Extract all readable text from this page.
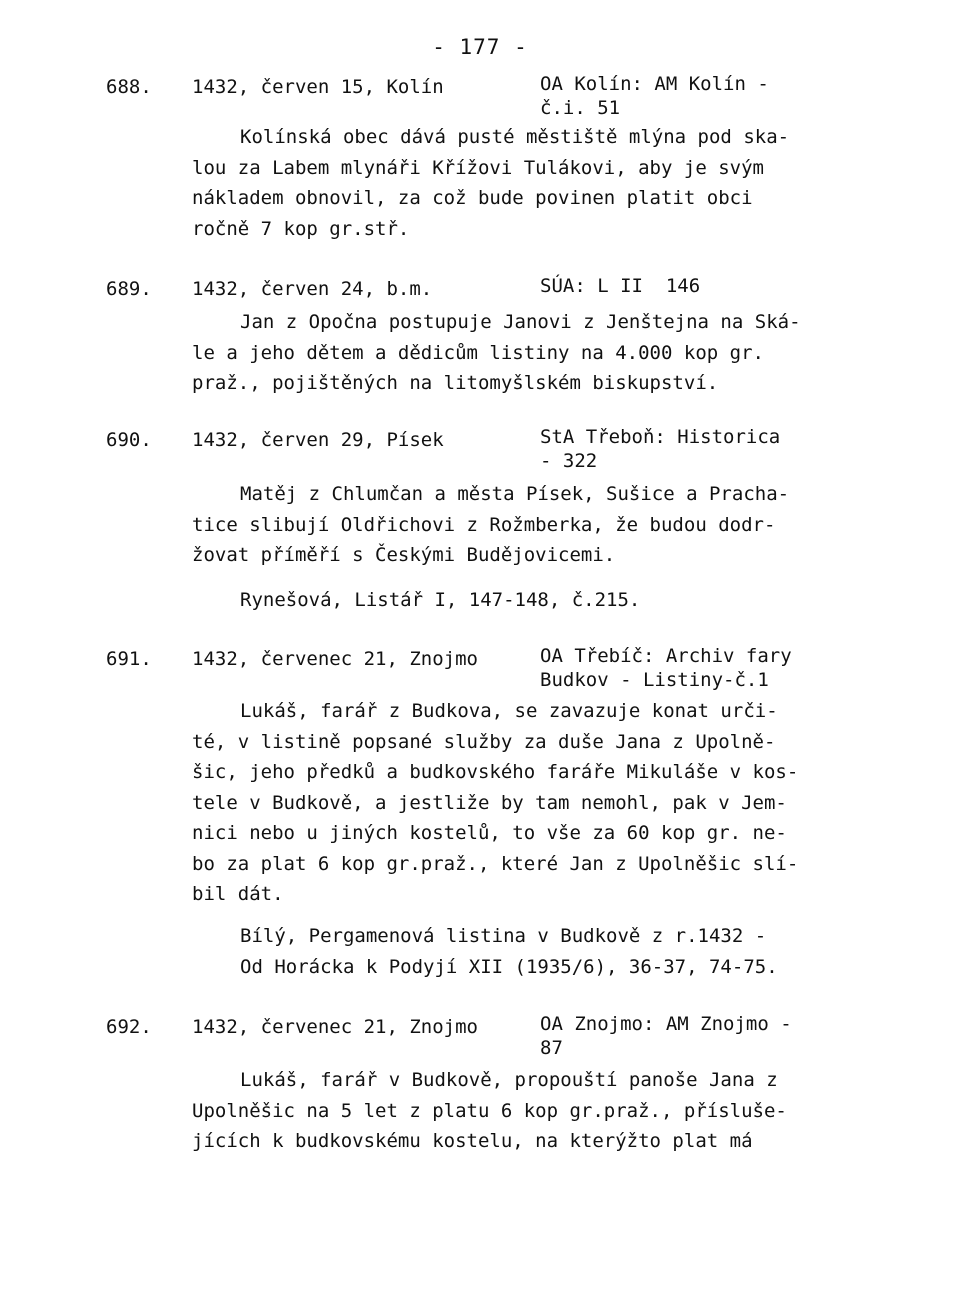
- 177 -
688. 1432, červen 15, Kolín	OA Kolín: AM Kolín -
č.i. 51
Kolínská obec dává pusté městiště mlýna pod ska-
lou za Labem mlynáři Křížovi Tulákovi, aby je svým
nákladem obnovil, za což bude povinen platit obci
ročně 7 kop gr.stř.
689. 1432, červen 24, b.m.	SÚA: L II  146
Jan z Opočna postupuje Janovi z Jenštejna na Ská-
le a jeho dětem a dědicům listiny na 4.000 kop gr.
praž., pojištěných na litomyšlském biskupství.
690. 1432, červen 29, Písek	StA Třeboň: Historica
- 322
Matěj z Chlumčan a města Písek, Sušice a Pracha-
tice slibují Oldřichovi z Rožmberka, že budou dodr-
žovat příměří s Českými Budějovicemi.
Rynešová, Listář I, 147-148, č.215.
691. 1432, červenec 21, Znojmo	OA Třebíč: Archiv fary
Budkov - Listiny-č.1
Lukáš, farář z Budkova, se zavazuje konat urči-
té, v listině popsané služby za duše Jana z Upolně-
šic, jeho předků a budkovského faráře Mikuláše v kos-
tele v Budkově, a jestliže by tam nemohl, pak v Jem-
nici nebo u jiných kostelů, to vše za 60 kop gr. ne-
bo za plat 6 kop gr.praž., které Jan z Upolněšic slí-
bil dát.
Bílý, Pergamenová listina v Budkově z r.1432 -
Od Horácka k Podyjí XII (1935/6), 36-37, 74-75.
692. 1432, červenec 21, Znojmo	OA Znojmo: AM Znojmo -
87
Lukáš, farář v Budkově, propouští panoše Jana z
Upolněšic na 5 let z platu 6 kop gr.praž., přísluše-
jících k budkovskému kostelu, na kterýžto plat má
